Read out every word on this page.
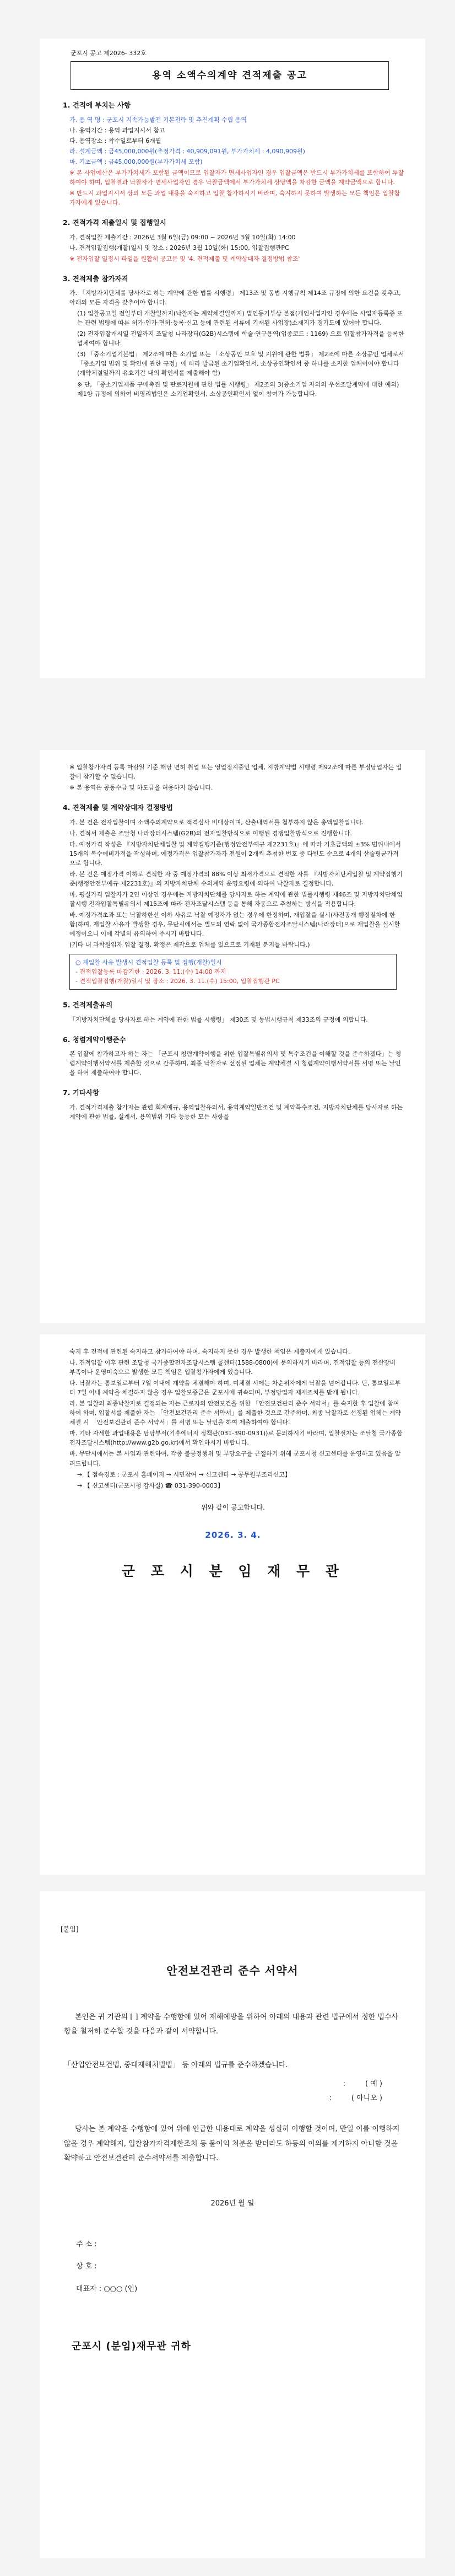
군포시 공고 제2026- 332호
용역 소액수의계약 견적제출 공고
1. 견적에 부치는 사항
가. 용 역 명 : 군포시 지속가능발전 기본전략 및 추진계획 수립 용역
나. 용역기간 : 용역 과업지시서 참고
다. 용역장소 : 착수일로부터 6개월
라. 설계금액 : 금45,000,000원(추정가격 : 40,909,091원, 부가가치세 : 4,090,909원)
마. 기초금액 : 금45,000,000원(부가가치세 포함)

※ 본 사업예산은 부가가치세가 포함된 금액이므로 입찰자가 면세사업자인 경우 입찰금액은 반드시 부가가치세를 포함하여 투찰하여야 하며, 입찰결과 낙찰자가 면세사업자인 경우 낙찰금액에서 부가가치세 상당액을 차감한 금액을 계약금액으로 합니다.

※ 반드시 과업지시서 상의 모든 과업 내용을 숙지하고 입찰 참가하시기 바라며, 숙지하지 못하여 발생하는 모든 책임은 입찰참가자에게 있습니다.

2. 견적가격 제출일시 및 집행일시
가. 견적입찰 제출기간 : 2026년 3월 6일(금) 09:00 ~ 2026년 3월 10일(화) 14:00
나. 견적입찰집행(개찰)일시 및 장소 : 2026년 3월 10일(화) 15:00, 입찰집행관PC

※ 전자입찰 일정시 파일을 원활히 공고문 및 '4. 견적제출 및 계약상대자 결정방법 참조'

3. 견적제출 참가자격

가. 「지방자치단체를 당사자로 하는 계약에 관한 법률 시행령」 제13조 및 동법 시행규칙 제14조 규정에 의한 요건을 갖추고, 아래의 모든 자격을 갖추어야 합니다.

(1) 입찰공고일 전일부터 개찰일까지(낙찰자는 계약체결일까지) 법인등기부상 본점(개인사업자인 경우에는 사업자등록증 또는 관련 법령에 따른 허가·인가·면허·등록·신고 등에 관련된 서류에 기재된 사업장)소재지가 경기도에 있어야 합니다.

(2) 전자입찰개시일 전일까지 조달청 나라장터(G2B)시스템에 학술·연구용역(업종코드 : 1169) 으로 입찰참가자격을 등록한 업체여야 합니다.

(3) 「중소기업기본법」 제2조에 따른 소기업 또는 「소상공인 보호 및 지원에 관한 법률」 제2조에 따른 소상공인 업체로서 「중소기업 범위 및 확인에 관한 규정」에 따라 발급된 소기업확인서, 소상공인확인서 중 하나를 소지한 업체이어야 합니다(계약체결일까지 유효기간 내의 확인서를 제출해야 함)

※ 단, 「중소기업제품 구매촉진 및 판로지원에 관한 법률 시행령」 제2조의 3(중소기업 자의의 우선조달계약에 대한 예외) 제1항 규정에 의하여 비영리법인은 소기업확인서, 소상공인확인서 없이 참여가 가능합니다.

※ 입찰참가자격 등록 마감일 기준 해당 면허 취업 또는 영업정지중인 업체, 지방계약법 시행령 제92조에 따른 부정당업자는 입찰에 참가할 수 없습니다.

※ 본 용역은 공동수급 및 하도급을 허용하지 않습니다.

4. 견적제출 및 계약상대자 결정방법

가. 본 건은 전자입찰이며 소액수의계약으로 적격심사 비대상이며, 산출내역서를 첨부하지 않은 총액입찰입니다.

나. 견적서 제출은 조달청 나라장터시스템(G2B)의 전자입찰방식으로 이행된 경쟁입찰방식으로 진행합니다.

다. 예정가격 작성은 『지방자치단체입찰 및 계약집행기준(행정안전부예규 제2231호)』에 따라 기초금액의 ±3% 범위내에서 15개의 복수예비가격을 작성하며, 예정가격은 입찰참가자가 전원이 2개씩 추첨한 번호 중 다빈도 순으로 4개의 산술평균가격으로 합니다.

라. 본 건은 예정가격 이하로 견적한 자 중 예정가격의 88% 이상 최저가격으로 견적한 자를 『지방자치단체입찰 및 계약집행기준(행정안전부예규 제2231호)』의 지방자치단체 수의계약 운영요령에 의하여 낙찰자로 결정합니다.

마. 평실가격 입찰자가 2인 이상인 경우에는 지방자치단체를 당사자로 하는 계약에 관한 법률시행령 제46조 및 지방자치단체입찰시행 전자입찰특별유의서 제15조에 따라 전자조달시스템 등을 통해 자동으로 추첨하는 방식을 적용합니다.

바. 예정가격초과 또는 낙찰하한선 이하 사유로 낙찰 예정자가 없는 경우에 한정하며, 재입찰을 실시(사전공개 행정절차에 한함)하며, 재입찰 사유가 발생할 경우, 무단시에서는 별도의 연락 없이 국가종합전자조달시스템(나라장터)으로 재입찰을 실시할 예정이오니 이에 각별히 유의하여 주시기 바랍니다.

(기타 내 과학원입자 입찰 결정, 확정은 제작으로 업체를 있으므로 기재된 분지들 바람니다.)

○ 재입찰 사유 발생시 견적입찰 등록 및 집행(개찰)일시
- 견적입찰등록 마감기한 : 2026. 3. 11.(수) 14:00 까지
- 견적입찰집행(개찰)일시 및 장소 : 2026. 3. 11.(수) 15:00, 입찰집행관 PC
5. 견적제출유의

「지방자치단체를 당사자로 하는 계약에 관한 법률 시행령」 제30조 및 동법시행규칙 제33조의 규정에 의합니다.

6. 청렴계약이행준수

본 입찰에 참가하고자 하는 자는 「군포시 청렴계약이행을 위한 입찰특별유의서 및 특수조건을 이해할 것을 준수하겠다」는 청렴계약이행서약서를 제출한 것으로 간주하며, 최종 낙찰자로 선정된 업체는 계약체결 시 청렴계약이행서약서를 서명 또는 날인을 하여 제출하여야 합니다.

7. 기타사항

가. 견적가격제출 참가자는 관련 회계예규, 용역입찰유의서, 용역계약일반조건 및 계약특수조건, 지방자치단체를 당사자로 하는 계약에 관한 법률, 설계서, 용역범위 기타 등등한 모든 사항을

숙지 후 견적에 관련된 숙지하고 참가하여야 하며, 숙지하지 못한 경우 발생한 책임은 제출자에게 있습니다.

나. 견적입찰 이후 관련 조달청 국가종합전자조달시스템 콜센터(1588-0800)에 문의하시기 바라며, 견적입찰 등의 전산장비 부족이나 운영미숙으로 발생한 모든 책임은 입찰참가자에게 있습니다.

다. 낙찰자는 통보일로부터 7일 이내에 계약을 체결해야 하며, 미체결 시에는 차순위자에게 낙찰을 넘어갑니다. 단, 통보일로부터 7일 이내 계약을 체결하지 않을 경우 입찰보증금은 군포시에 귀속되며, 부정당업자 제재조치를 받게 됩니다.

라. 본 입찰의 최종낙찰자로 결정되는 자는 근로자의 안전보건을 위한 「안전보건관리 준수 서약서」를 숙지한 후 입찰에 참여하여 하며, 입찰서를 제출한 자는 「안전보건관리 준수 서약서」를 제출한 것으로 간주하며, 최종 낙찰자로 선정된 업체는 계약체결 시 「안전보건관리 준수 서약서」를 서명 또는 날인을 하여 제출하여야 합니다.

마. 기타 자세한 과업내용은 담당부서(기후에너지 정책관(031-390-0931))로 문의하시기 바라며, 입찰절차는 조달청 국가종합전자조달시스템(http://www.g2b.go.kr)에서 확인하시기 바랍니다.

바. 무단시에서는 본 사업과 관련하여, 각종 불공정행위 및 부당요구를 근절하기 위해 군포시청 신고센터를 운영하고 있음을 알려드립니다.

→ 【 접속경로 : 군포시 홈페이지 → 시민참여 → 신고센터 → 공무원부조리신고】

→ 【 신고센터(군포시청 감사실) ☎ 031-390-0003】

위와 같이 공고합니다.
2026. 3. 4.
군 포 시 분 임 재 무 관
[붙임]
안전보건관리 준수 서약서

본인은 귀 기관의 [ ] 계약을 수행함에 있어 재해예방을 위하여 아래의 내용과 관련 법규에서 정한 법수사항을 철저히 준수할 것을 다음과 같이 서약합니다.

「산업안전보건법, 중대재해처벌법」 등 아래의 법규를 준수하겠습니다.
:	( 예 )
:	( 아니오 )

당사는 본 계약을 수행함에 있어 위에 언급한 내용대로 계약을 성실히 이행할 것이며, 만일 이를 이행하지 않을 경우 계약해지, 입찰참가자격제한조치 등 불이익 처분을 받더라도 하등의 이의를 제기하지 아니할 것을 확약하고 안전보건관리 준수서약서를 제출합니다.

2026년 월 일
주 소 :
상 호 :
대표자 : ○○○ (인)
군포시 (분임)재무관 귀하
